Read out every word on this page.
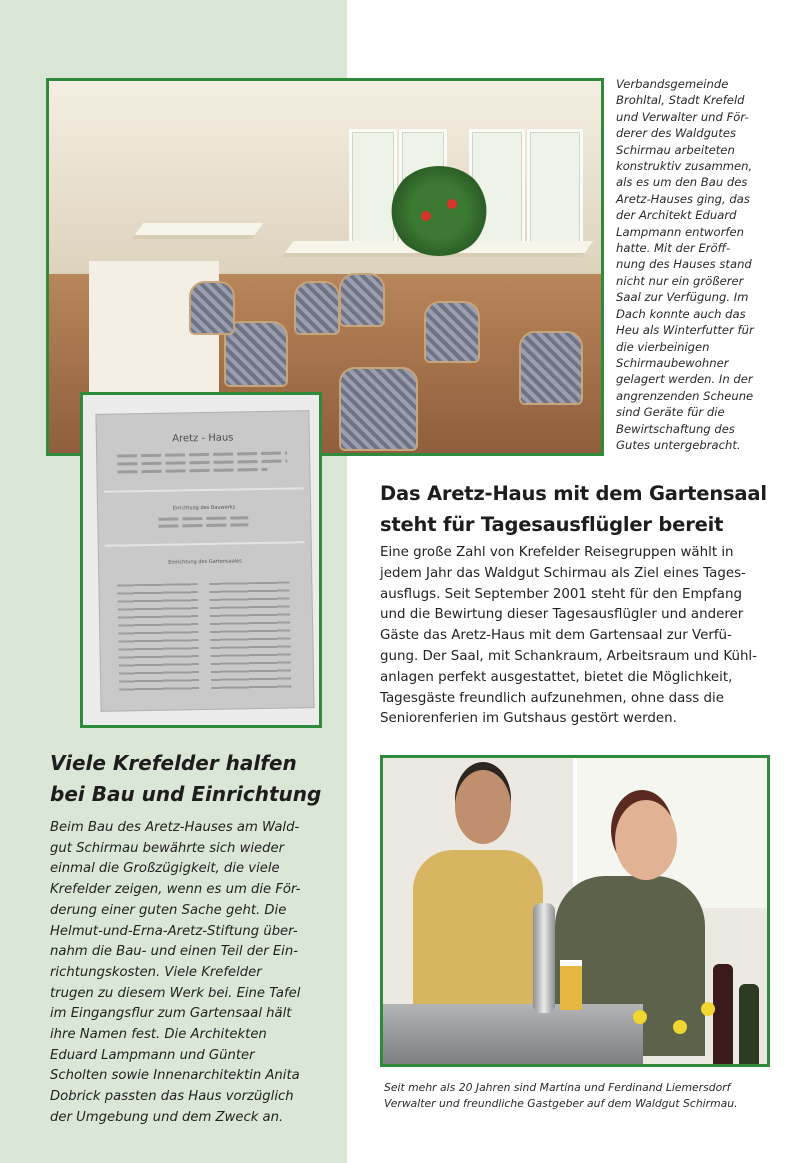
Aretz - Haus
Errichtung des Bauwerks
Einrichtung des Gartensaales
Verbandsgemeinde
Brohltal, Stadt Krefeld
und Verwalter und För-
derer des Waldgutes
Schirmau arbeiteten
konstruktiv zusammen,
als es um den Bau des
Aretz-Hauses ging, das
der Architekt Eduard
Lampmann entworfen
hatte. Mit der Eröff-
nung des Hauses stand
nicht nur ein größerer
Saal zur Verfügung. Im
Dach konnte auch das
Heu als Winterfutter für
die vierbeinigen
Schirmaubewohner
gelagert werden. In der
angrenzenden Scheune
sind Geräte für die
Bewirtschaftung des
Gutes untergebracht.
Das Aretz-Haus mit dem Gartensaal
steht für Tagesausflügler bereit
Eine große Zahl von Krefelder Reisegruppen wählt in
jedem Jahr das Waldgut Schirmau als Ziel eines Tages-
ausflugs. Seit September 2001 steht für den Empfang
und die Bewirtung dieser Tagesausflügler und anderer
Gäste das Aretz-Haus mit dem Gartensaal zur Verfü-
gung. Der Saal, mit Schankraum, Arbeitsraum und Kühl-
anlagen perfekt ausgestattet, bietet die Möglichkeit,
Tagesgäste freundlich aufzunehmen, ohne dass die
Seniorenferien im Gutshaus gestört werden.
Viele Krefelder halfen
bei Bau und Einrichtung
Beim Bau des Aretz-Hauses am Wald-
gut Schirmau bewährte sich wieder
einmal die Großzügigkeit, die viele
Krefelder zeigen, wenn es um die För-
derung einer guten Sache geht. Die
Helmut-und-Erna-Aretz-Stiftung über-
nahm die Bau- und einen Teil der Ein-
richtungskosten. Viele Krefelder
trugen zu diesem Werk bei. Eine Tafel
im Eingangsflur zum Gartensaal hält
ihre Namen fest. Die Architekten
Eduard Lampmann und Günter
Scholten sowie Innenarchitektin Anita
Dobrick passten das Haus vorzüglich
der Umgebung und dem Zweck an.
Seit mehr als 20 Jahren sind Martina und Ferdinand Liemersdorf
Verwalter und freundliche Gastgeber auf dem Waldgut Schirmau.
